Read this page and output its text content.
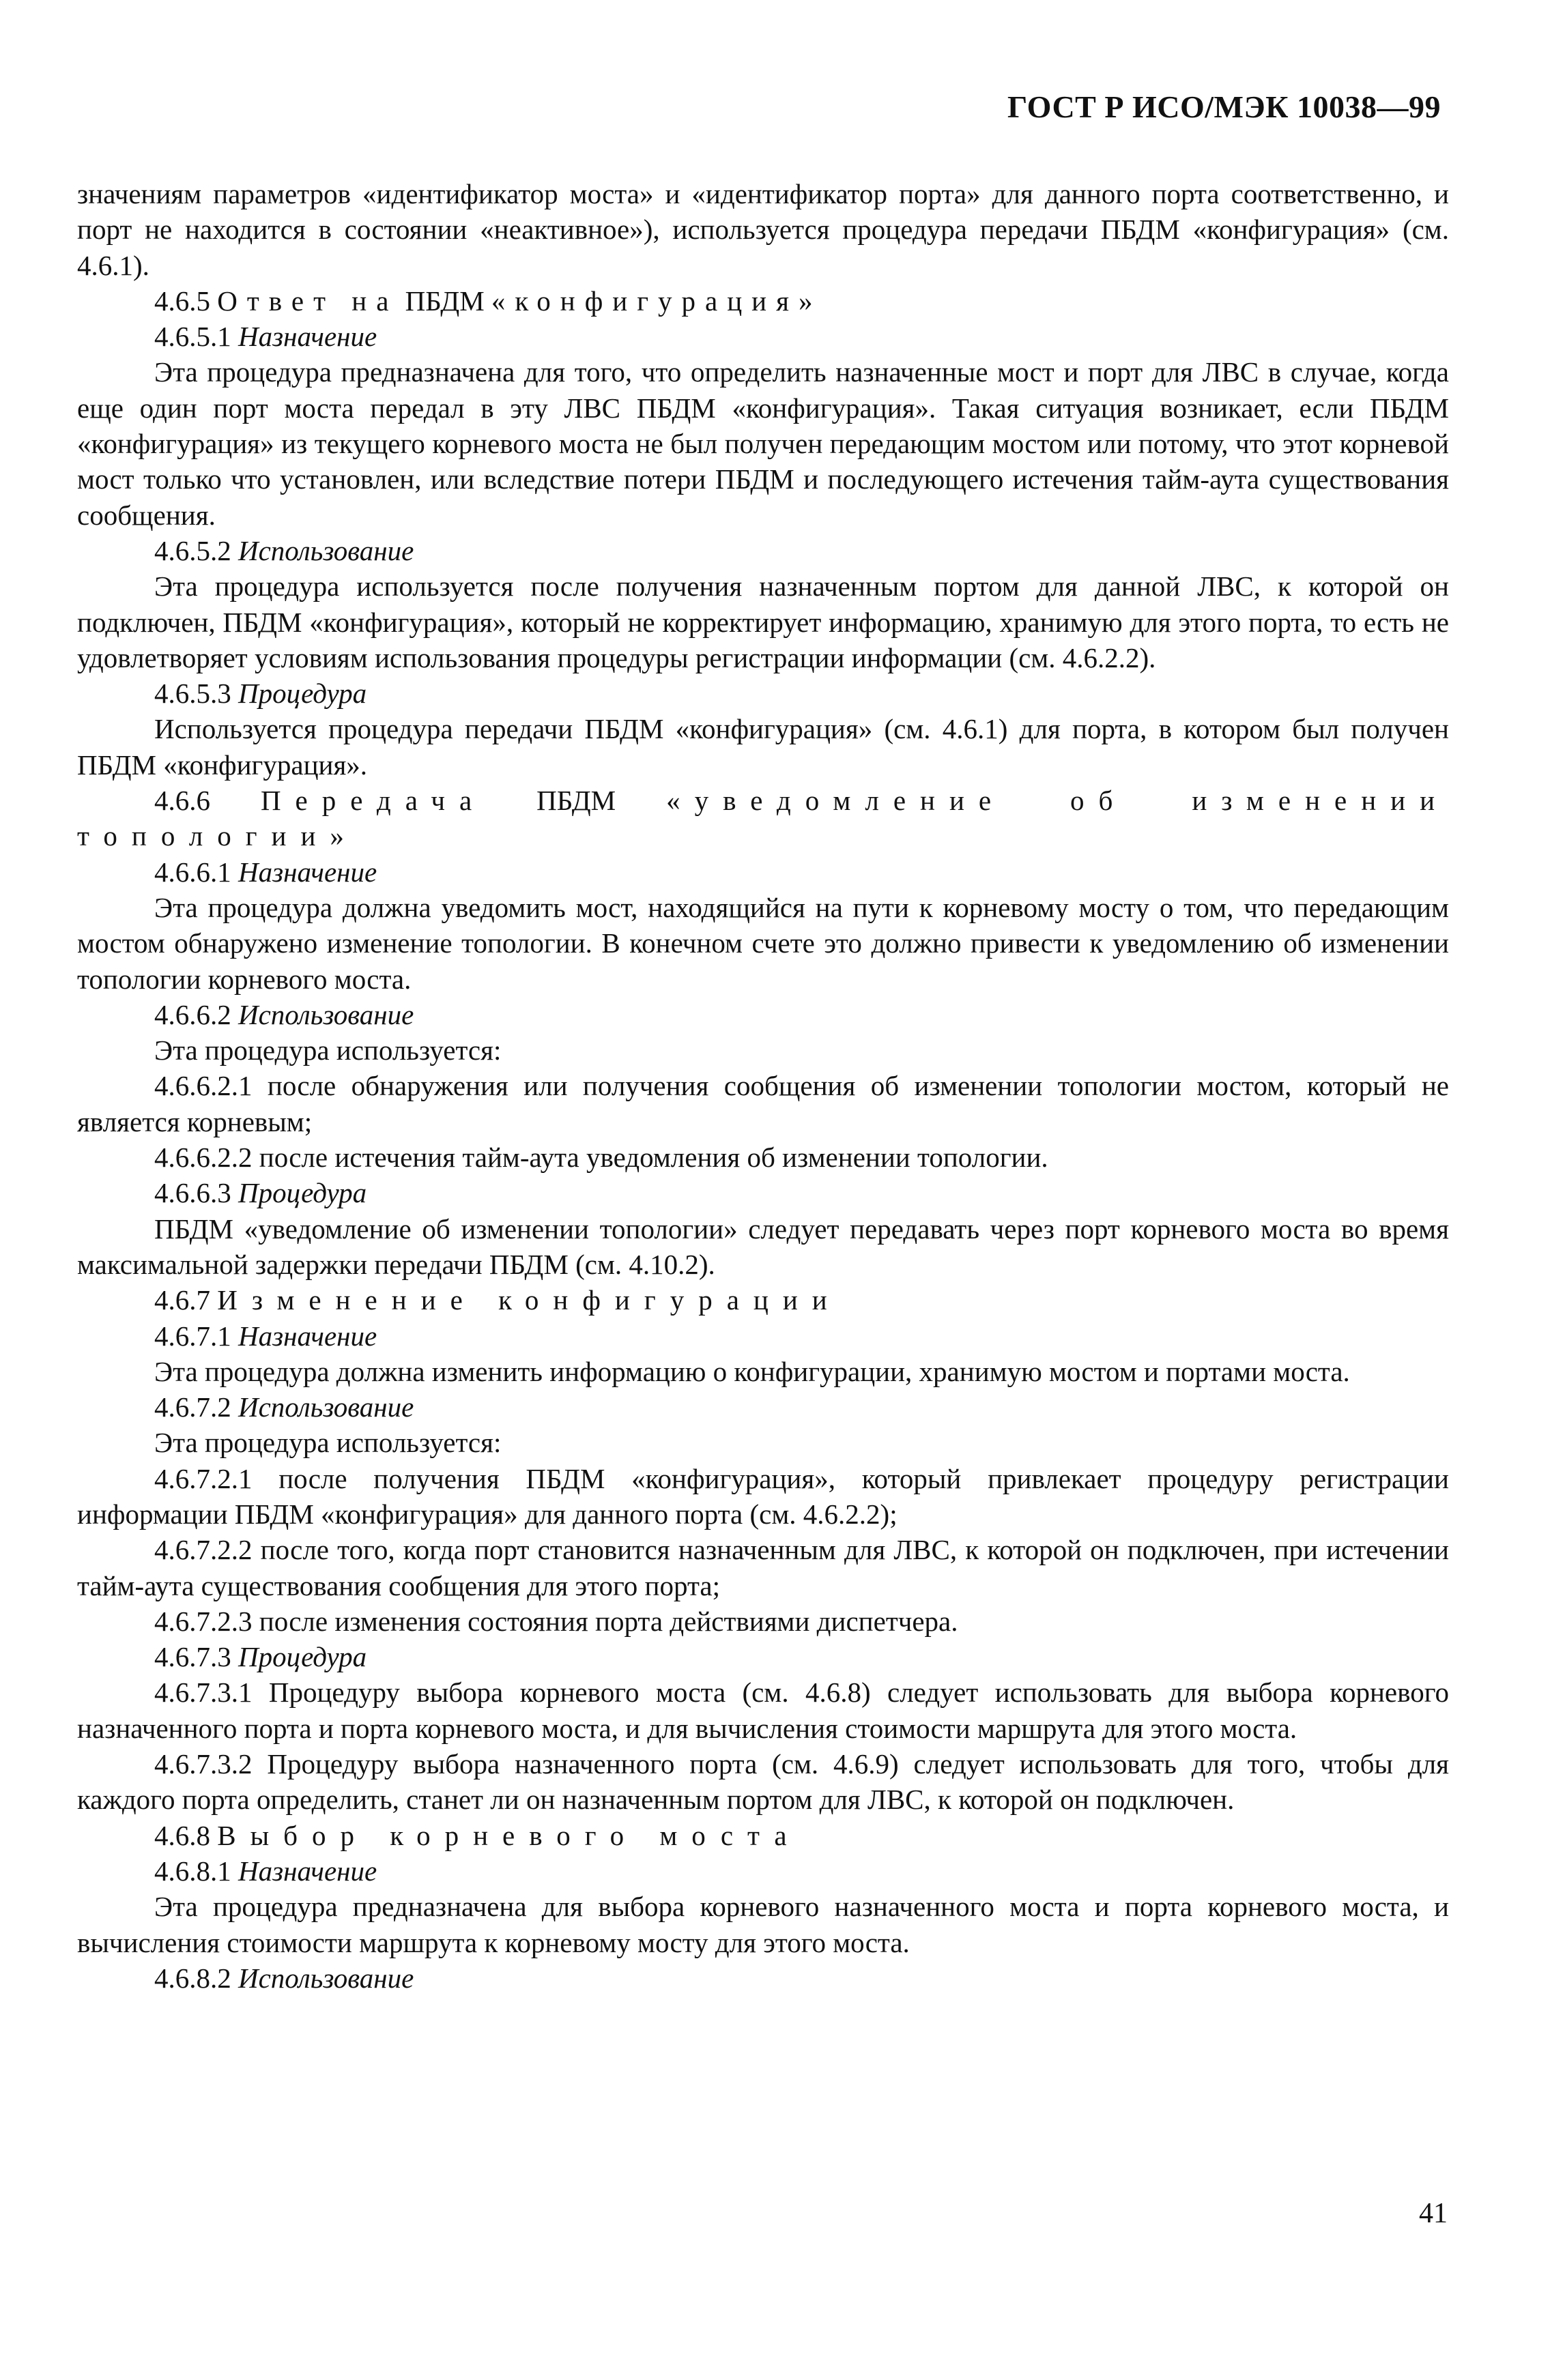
ГОСТ Р ИСО/МЭК 10038—99

значениям параметров «идентификатор моста» и «идентификатор порта» для данного порта соответственно, и порт не находится в состоянии «неактивное»), используется процедура передачи ПБДМ «конфигурация» (см. 4.6.1).

4.6.5 Ответ на ПБДМ «конфигурация»

4.6.5.1 Назначение

Эта процедура предназначена для того, что определить назначенные мост и порт для ЛВС в случае, когда еще один порт моста передал в эту ЛВС ПБДМ «конфигурация». Такая ситуация возникает, если ПБДМ «конфигурация» из текущего корневого моста не был получен передающим мостом или потому, что этот корневой мост только что установлен, или вследствие потери ПБДМ и последующего истечения тайм-аута существования сообщения.

4.6.5.2 Использование

Эта процедура используется после получения назначенным портом для данной ЛВС, к которой он подключен, ПБДМ «конфигурация», который не корректирует информацию, хранимую для этого порта, то есть не удовлетворяет условиям использования процедуры регистрации информации (см. 4.6.2.2).

4.6.5.3 Процедура

Используется процедура передачи ПБДМ «конфигурация» (см. 4.6.1) для порта, в котором был получен ПБДМ «конфигурация».

4.6.6 Передача ПБДМ «уведомление об изменении топологии»

4.6.6.1 Назначение

Эта процедура должна уведомить мост, находящийся на пути к корневому мосту о том, что передающим мостом обнаружено изменение топологии. В конечном счете это должно привести к уведомлению об изменении топологии корневого моста.

4.6.6.2 Использование

Эта процедура используется:

4.6.6.2.1 после обнаружения или получения сообщения об изменении топологии мостом, который не является корневым;

4.6.6.2.2 после истечения тайм-аута уведомления об изменении топологии.

4.6.6.3 Процедура

ПБДМ «уведомление об изменении топологии» следует передавать через порт корневого моста во время максимальной задержки передачи ПБДМ (см. 4.10.2).

4.6.7 Изменение конфигурации

4.6.7.1 Назначение

Эта процедура должна изменить информацию о конфигурации, хранимую мостом и портами моста.

4.6.7.2 Использование

Эта процедура используется:

4.6.7.2.1 после получения ПБДМ «конфигурация», который привлекает процедуру регистрации информации ПБДМ «конфигурация» для данного порта (см. 4.6.2.2);

4.6.7.2.2 после того, когда порт становится назначенным для ЛВС, к которой он подключен, при истечении тайм-аута существования сообщения для этого порта;

4.6.7.2.3 после изменения состояния порта действиями диспетчера.

4.6.7.3 Процедура

4.6.7.3.1 Процедуру выбора корневого моста (см. 4.6.8) следует использовать для выбора корневого назначенного порта и порта корневого моста, и для вычисления стоимости маршрута для этого моста.

4.6.7.3.2 Процедуру выбора назначенного порта (см. 4.6.9) следует использовать для того, чтобы для каждого порта определить, станет ли он назначенным портом для ЛВС, к которой он подключен.

4.6.8 Выбор корневого моста

4.6.8.1 Назначение

Эта процедура предназначена для выбора корневого назначенного моста и порта корневого моста, и вычисления стоимости маршрута к корневому мосту для этого моста.

4.6.8.2 Использование

41
